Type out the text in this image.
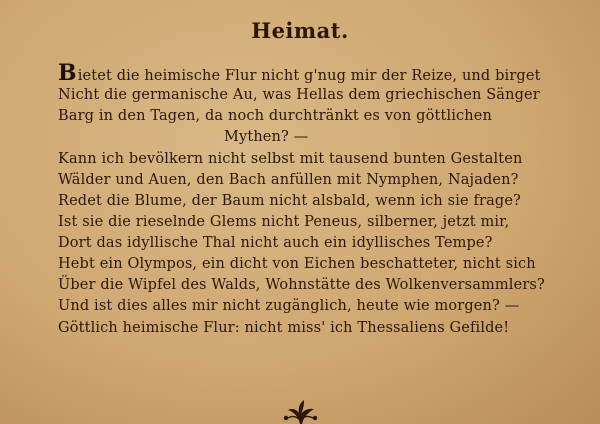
Heimat.
Bietet die heimische Flur nicht g'nug mir der Reize, und birget
Nicht die germanische Au, was Hellas dem griechischen Sänger
Barg in den Tagen, da noch durchtränkt es von göttlichen
Mythen? —
Kann ich bevölkern nicht selbst mit tausend bunten Gestalten
Wälder und Auen, den Bach anfüllen mit Nymphen, Najaden?
Redet die Blume, der Baum nicht alsbald, wenn ich sie frage?
Ist sie die rieselnde Glems nicht Peneus, silberner, jetzt mir,
Dort das idyllische Thal nicht auch ein idyllisches Tempe?
Hebt ein Olympos, ein dicht von Eichen beschatteter, nicht sich
Über die Wipfel des Walds, Wohnstätte des Wolkenversammlers?
Und ist dies alles mir nicht zugänglich, heute wie morgen? —
Göttlich heimische Flur: nicht miss' ich Thessaliens Gefilde!
